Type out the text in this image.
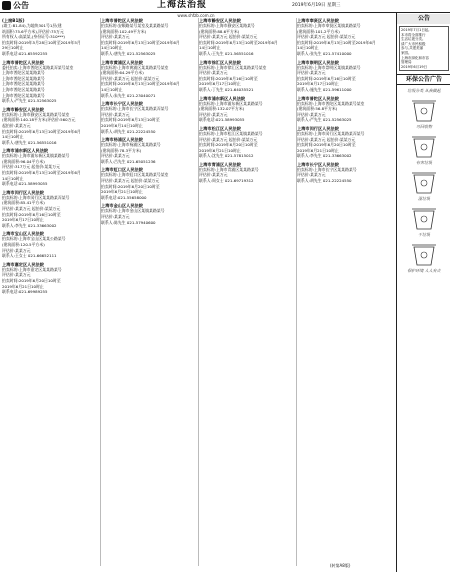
公告	上海法治报	2019年6月19日 星期三
www.shfzb.com.cn
(上接B1版)
(竣工:B1-84),为地块301号1层(建
筑面积:75.6平方米),评估价:75万元
所有权人:高某某,(身份证号:310***)
拍卖时间:2019年5月28日10时至2019年5月
29日10时止
联系电话:021-65592255
上海市普陀区人民法院
委托拍卖:上海市普陀区某路某弄某号某室
上海市普陀区某某路某号
上海市普陀区某某路某号
上海市普陀区某某路某号
上海市普陀区某某路某号
上海市普陀区某某路某号
联系人:严先生 021-52563025
上海市静安区人民法院
拍卖标的:上海市静安区某某路某号某室
(建筑面积:140.18平方米)评估价:560万元
起拍价:某某万元
拍卖时间:2019年6月13日10时至2019年6月
14日10时止
联系人:唐先生 021-56551016
上海市浦东新区人民法院
拍卖标的:上海市浦东新区某镇某路某号
(建筑面积:96.04平方米)
评估价:317万元 起拍价:某某万元
拍卖时间:2019年6月13日10时至2019年6月
14日10时止
联系电话:021-58993055
上海市闵行区人民法院
拍卖标的:上海市闵行区某某路某弄某号
(建筑面积:85.41平方米)
评估价:某某万元 起拍价:某某万元
拍卖时间:2019年6月16日10时至
2019年6月17日10时止
联系人:李先生 021-33663002
上海市宝山区人民法院
拍卖标的:上海市宝山区某某公路某号
(建筑面积:120.5平方米)
评估价:某某万元
联系人:王女士 021-66652111
上海市嘉定区人民法院
拍卖标的:上海市嘉定区某某路某号
评估价:某某万元
拍卖时间:2019年6月20日10时至
2019年6月21日10时止
联系电话:021-69989255
上海市普陀区人民法院
拍卖标的:安顺路某号某室及某某路某号
(建筑面积:102.49平方米)
评估价:某某万元
拍卖时间:2019年6月13日10时至2019年6月
14日10时止
联系人:唐先生 021-52563025
上海市黄浦区人民法院
拍卖标的:上海市黄浦区某某路某号某室
(建筑面积:64.29平方米)
评估价:某某万元 起拍价:某某万元
拍卖时间:2019年6月13日10时至2019年6月
14日10时止
联系人:朱先生 021-23040071
上海市长宁区人民法院
拍卖标的:上海市长宁区某某路某弄某号
评估价:某某万元
拍卖时间:2019年6月13日10时至
2019年6月14日10时止
联系人:胡先生 021-22224550
上海市杨浦区人民法院
拍卖标的:上海市杨浦区某某路某号
(建筑面积:78.3平方米)
评估价:某某万元
联系人:吕先生 021-65051236
上海市虹口区人民法院
拍卖标的:上海市虹口区某某路某号某室
评估价:某某万元 起拍价:某某万元
拍卖时间:2019年6月20日10时至
2019年6月21日10时止
联系电话:021-55658000
上海市金山区人民法院
拍卖标的:上海市金山区某镇某路某号
评估价:某某万元
联系人:陈先生 021-57940600
上海市静安区人民法院
拍卖标的:上海市静安区某路某号
(建筑面积:88.6平方米)
评估价:某某万元 起拍价:某某万元
拍卖时间:2019年6月13日10时至2019年6月
14日10时止
联系人:王先生 021-56551016
上海市徐汇区人民法院
拍卖标的:上海市徐汇区某某路某号某室
评估价:某某万元
拍卖时间:2019年6月16日10时至
2019年6月17日10时止
联系人:丁先生 021-64035521
上海市浦东新区人民法院
拍卖标的:上海市浦东新区某某路某号
(建筑面积:132.07平方米)
评估价:某某万元
联系电话:021-58993055
上海市松江区人民法院
拍卖标的:上海市松江区某镇某路某号
评估价:某某万元 起拍价:某某万元
拍卖时间:2019年6月20日10时至
2019年6月21日10时止
联系人:沈先生 021-57815012
上海市青浦区人民法院
拍卖标的:上海市青浦区某某路某号
评估价:某某万元
联系人:周女士 021-69719312
上海市奉贤区人民法院
拍卖标的:上海市奉贤区某镇某路某号
(建筑面积:101.2平方米)
评估价:某某万元 起拍价:某某万元
拍卖时间:2019年6月13日10时至2019年6月
14日10时止
联系人:张先生 021-57410000
上海市崇明区人民法院
拍卖标的:上海市崇明区某镇某路某号
评估价:某某万元
拍卖时间:2019年6月16日10时至
2019年6月17日10时止
联系人:施先生 021-59611000
上海市普陀区人民法院
拍卖标的:上海市普陀区某某路某号某室
(建筑面积:56.8平方米)
评估价:某某万元
联系人:严先生 021-52563025
上海市闵行区人民法院
拍卖标的:上海市闵行区某某路某弄某号
评估价:某某万元 起拍价:某某万元
拍卖时间:2019年6月20日10时至
2019年6月21日10时止
联系人:李先生 021-33663002
上海市长宁区人民法院
拍卖标的:上海市长宁区某某路某号
评估价:某某万元
联系人:胡先生 021-22224550
公告
2019年7月1日起,
本市将全面推行
生活垃圾分类。
请广大市民积极
参与,共建美丽
家园。
上海市绿化和市容
管理局
2019年6月19日
环保公告广告
垃圾分类 从我做起
可回收物
有害垃圾
湿垃圾
干垃圾
保护环境 人人有责
(转第A8版)
